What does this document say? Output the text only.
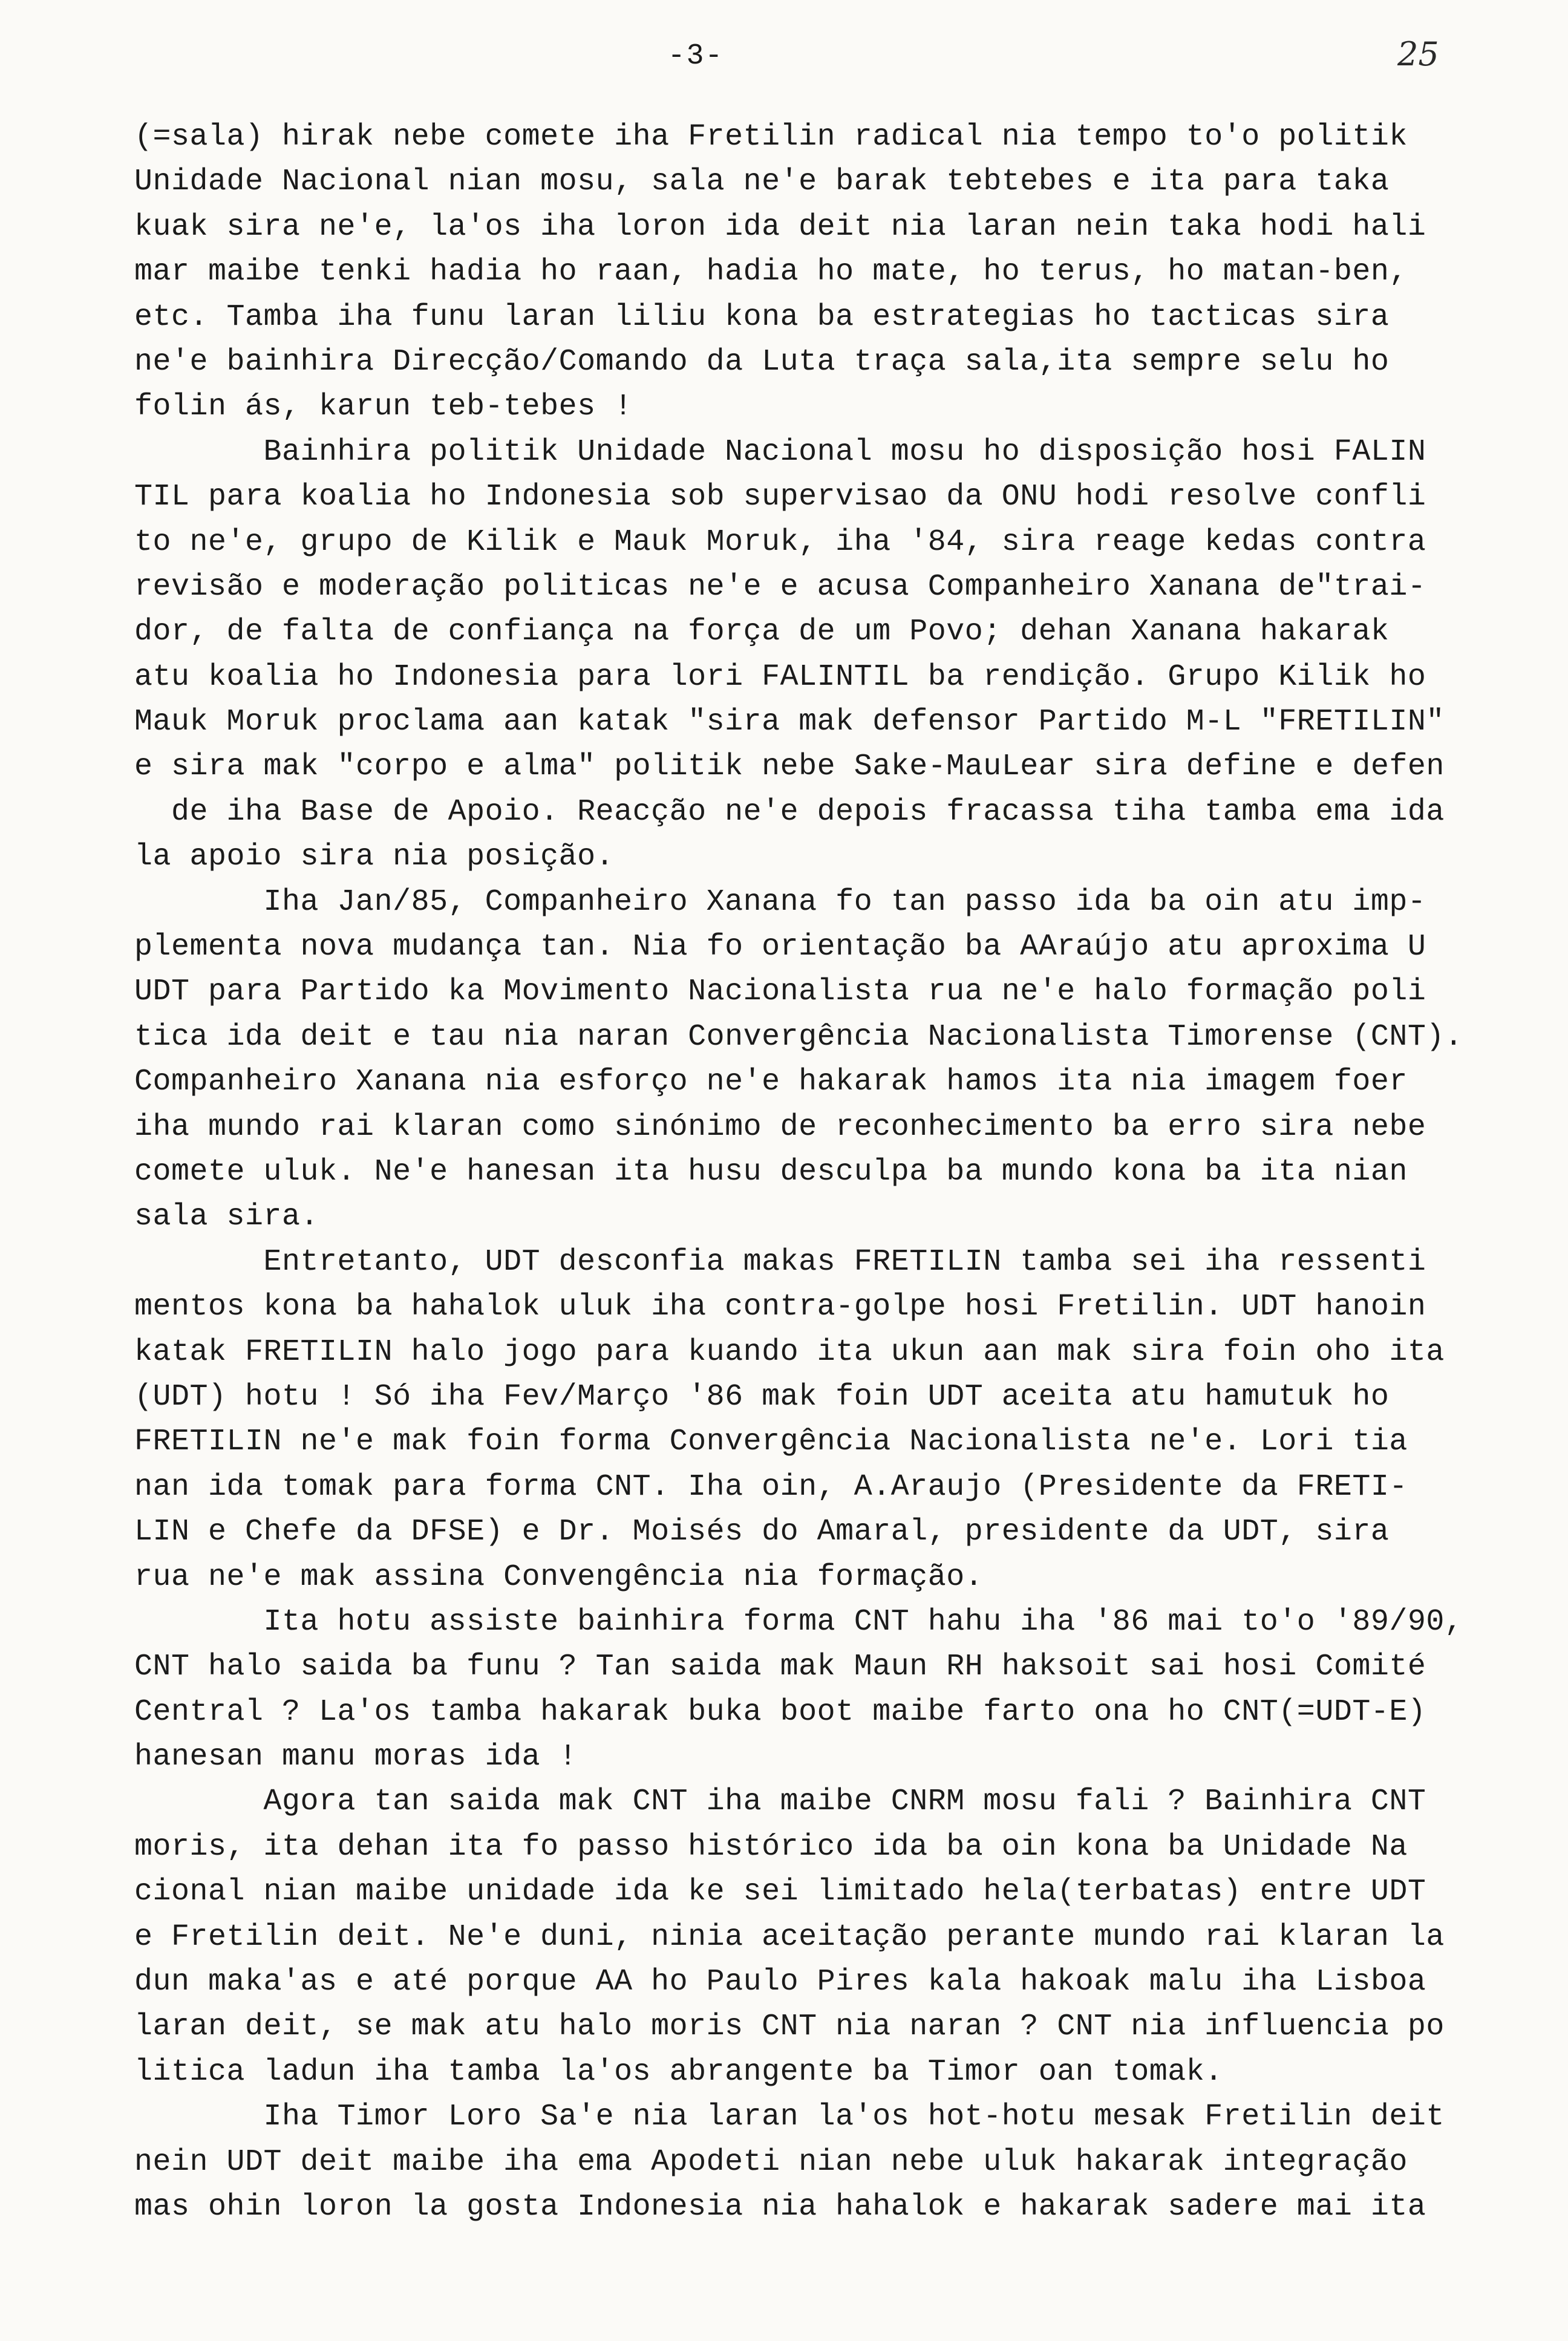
-3-	25
(=sala) hirak nebe comete iha Fretilin radical nia tempo to'o politik
Unidade Nacional nian mosu, sala ne'e barak tebtebes e ita para taka
kuak sira ne'e, la'os iha loron ida deit nia laran nein taka hodi hali
mar maibe tenki hadia ho raan, hadia ho mate, ho terus, ho matan-ben,
etc. Tamba iha funu laran liliu kona ba estrategias ho tacticas sira
ne'e bainhira Direcção/Comando da Luta traça sala,ita sempre selu ho
folin ás, karun teb-tebes !
Bainhira politik Unidade Nacional mosu ho disposição hosi FALIN
TIL para koalia ho Indonesia sob supervisao da ONU hodi resolve confli
to ne'e, grupo de Kilik e Mauk Moruk, iha '84, sira reage kedas contra
revisão e moderação politicas ne'e e acusa Companheiro Xanana de"trai-
dor, de falta de confiança na força de um Povo; dehan Xanana hakarak
atu koalia ho Indonesia para lori FALINTIL ba rendição. Grupo Kilik ho
Mauk Moruk proclama aan katak "sira mak defensor Partido M-L "FRETILIN"
e sira mak "corpo e alma" politik nebe Sake-MauLear sira define e defen
de iha Base de Apoio. Reacção ne'e depois fracassa tiha tamba ema ida
la apoio sira nia posição.
Iha Jan/85, Companheiro Xanana fo tan passo ida ba oin atu imp-
plementa nova mudança tan. Nia fo orientação ba AAraújo atu aproxima U
UDT para Partido ka Movimento Nacionalista rua ne'e halo formação poli
tica ida deit e tau nia naran Convergência Nacionalista Timorense (CNT).
Companheiro Xanana nia esforço ne'e hakarak hamos ita nia imagem foer
iha mundo rai klaran como sinónimo de reconhecimento ba erro sira nebe
comete uluk. Ne'e hanesan ita husu desculpa ba mundo kona ba ita nian
sala sira.
Entretanto, UDT desconfia makas FRETILIN tamba sei iha ressenti
mentos kona ba hahalok uluk iha contra-golpe hosi Fretilin. UDT hanoin
katak FRETILIN halo jogo para kuando ita ukun aan mak sira foin oho ita
(UDT) hotu ! Só iha Fev/Março '86 mak foin UDT aceita atu hamutuk ho
FRETILIN ne'e mak foin forma Convergência Nacionalista ne'e. Lori tia
nan ida tomak para forma CNT. Iha oin, A.Araujo (Presidente da FRETI-
LIN e Chefe da DFSE) e Dr. Moisés do Amaral, presidente da UDT, sira
rua ne'e mak assina Convengência nia formação.
Ita hotu assiste bainhira forma CNT hahu iha '86 mai to'o '89/90,
CNT halo saida ba funu ? Tan saida mak Maun RH haksoit sai hosi Comité
Central ? La'os tamba hakarak buka boot maibe farto ona ho CNT(=UDT-E)
hanesan manu moras ida !
Agora tan saida mak CNT iha maibe CNRM mosu fali ? Bainhira CNT
moris, ita dehan ita fo passo histórico ida ba oin kona ba Unidade Na
cional nian maibe unidade ida ke sei limitado hela(terbatas) entre UDT
e Fretilin deit. Ne'e duni, ninia aceitação perante mundo rai klaran la
dun maka'as e até porque AA ho Paulo Pires kala hakoak malu iha Lisboa
laran deit, se mak atu halo moris CNT nia naran ? CNT nia influencia po
litica ladun iha tamba la'os abrangente ba Timor oan tomak.
Iha Timor Loro Sa'e nia laran la'os hot-hotu mesak Fretilin deit
nein UDT deit maibe iha ema Apodeti nian nebe uluk hakarak integração
mas ohin loron la gosta Indonesia nia hahalok e hakarak sadere mai ita
